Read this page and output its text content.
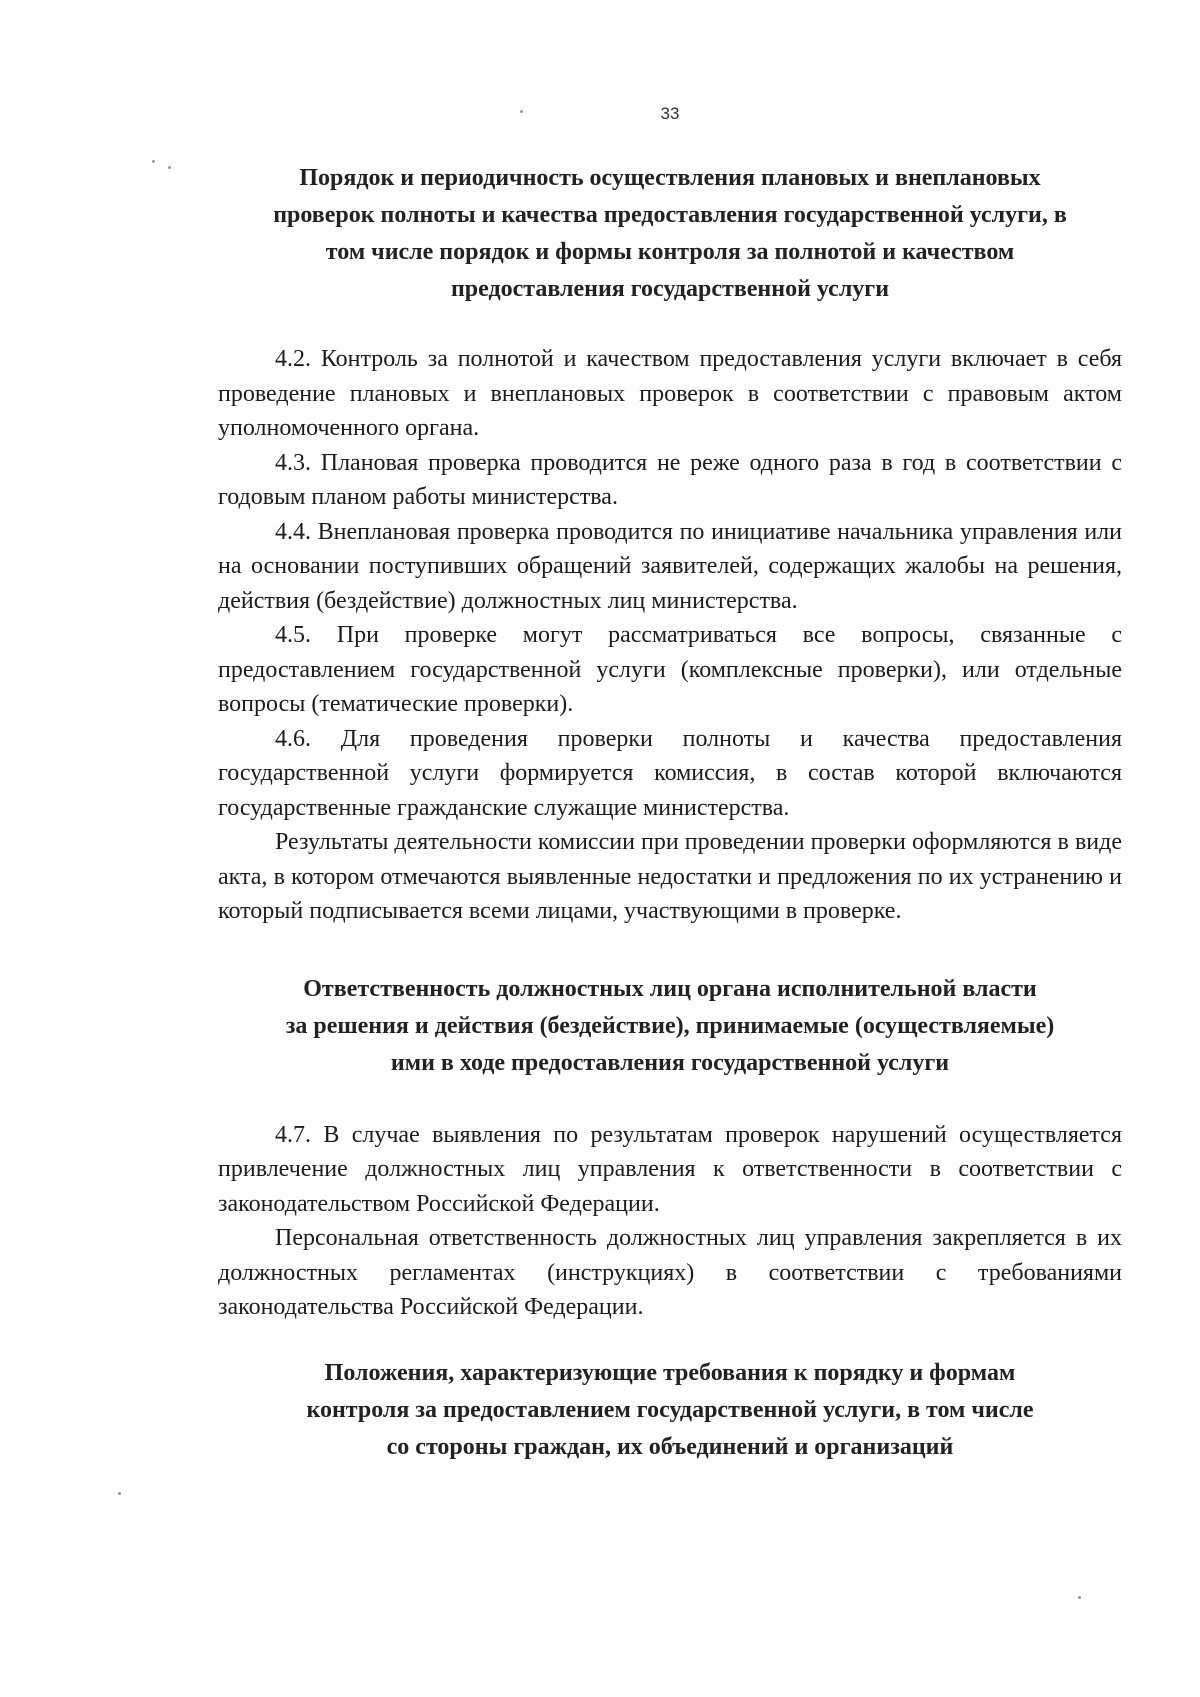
33
Порядок и периодичность осуществления плановых и внеплановых
проверок полноты и качества предоставления государственной услуги, в
том числе порядок и формы контроля за полнотой и качеством
предоставления государственной услуги

4.2. Контроль за полнотой и качеством предоставления услуги включает в себя проведение плановых и внеплановых проверок в соответствии с правовым актом уполномоченного органа.

4.3. Плановая проверка проводится не реже одного раза в год в соответствии с годовым планом работы министерства.

4.4. Внеплановая проверка проводится по инициативе начальника управления или на основании поступивших обращений заявителей, содержащих жалобы на решения, действия (бездействие) должностных лиц министерства.

4.5. При проверке могут рассматриваться все вопросы, связанные с предоставлением государственной услуги (комплексные проверки), или отдельные вопросы (тематические проверки).

4.6. Для проведения проверки полноты и качества предоставления государственной услуги формируется комиссия, в состав которой включаются государственные гражданские служащие министерства.

Результаты деятельности комиссии при проведении проверки оформляются в виде акта, в котором отмечаются выявленные недостатки и предложения по их устранению и который подписывается всеми лицами, участвующими в проверке.

Ответственность должностных лиц органа исполнительной власти
за решения и действия (бездействие), принимаемые (осуществляемые)
ими в ходе предоставления государственной услуги

4.7. В случае выявления по результатам проверок нарушений осуществляется привлечение должностных лиц управления к ответственности в соответствии с законодательством Российской Федерации.

Персональная ответственность должностных лиц управления закрепляется в их должностных регламентах (инструкциях) в соответствии с требованиями законодательства Российской Федерации.

Положения, характеризующие требования к порядку и формам
контроля за предоставлением государственной услуги, в том числе
со стороны граждан, их объединений и организаций
